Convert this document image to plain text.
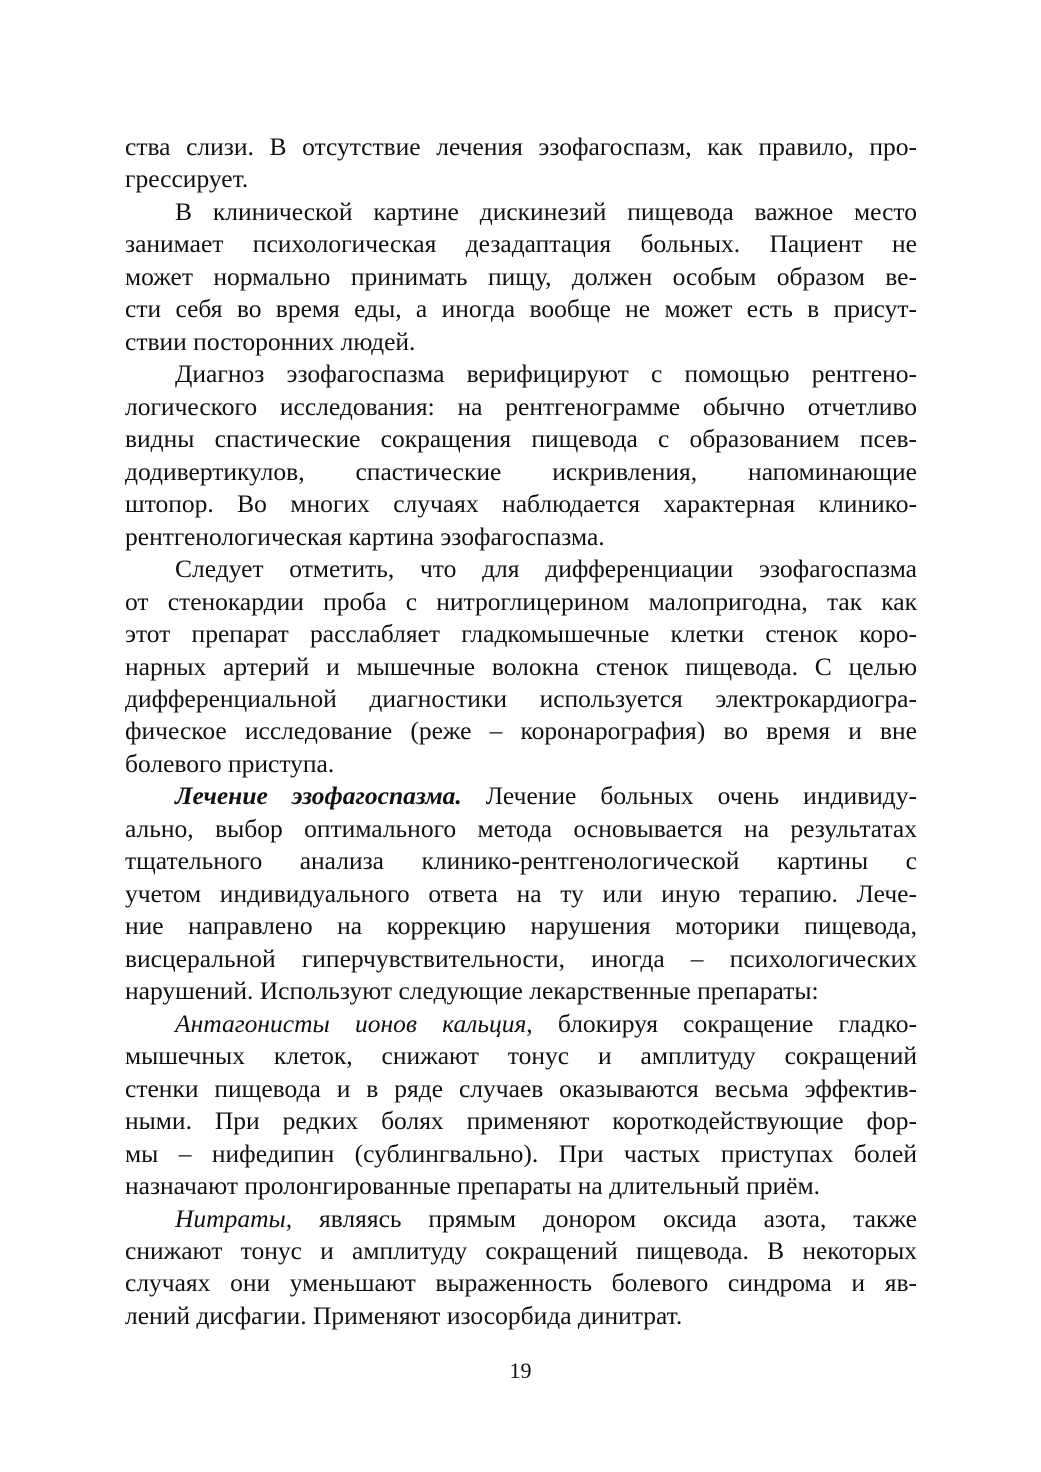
ства слизи. В отсутствие лечения эзофагоспазм, как правило, про-
грессирует.
В клинической картине дискинезий пищевода важное место
занимает психологическая дезадаптация больных. Пациент не
может нормально принимать пищу, должен особым образом ве-
сти себя во время еды, а иногда вообще не может есть в присут-
ствии посторонних людей.
Диагноз эзофагоспазма верифицируют с помощью рентгено-
логического исследования: на рентгенограмме обычно отчетливо
видны спастические сокращения пищевода с образованием псев-
додивертикулов, спастические искривления, напоминающие
штопор. Во многих случаях наблюдается характерная клинико-
рентгенологическая картина эзофагоспазма.
Следует отметить, что для дифференциации эзофагоспазма
от стенокардии проба с нитроглицерином малопригодна, так как
этот препарат расслабляет гладкомышечные клетки стенок коро-
нарных артерий и мышечные волокна стенок пищевода. С целью
дифференциальной диагностики используется электрокардиогра-
фическое исследование (реже – коронарография) во время и вне
болевого приступа.
Лечение эзофагоспазма. Лечение больных очень индивиду-
ально, выбор оптимального метода основывается на результатах
тщательного анализа клинико-рентгенологической картины с
учетом индивидуального ответа на ту или иную терапию. Лече-
ние направлено на коррекцию нарушения моторики пищевода,
висцеральной гиперчувствительности, иногда – психологических
нарушений. Используют следующие лекарственные препараты:
Антагонисты ионов кальция, блокируя сокращение гладко-
мышечных клеток, снижают тонус и амплитуду сокращений
стенки пищевода и в ряде случаев оказываются весьма эффектив-
ными. При редких болях применяют короткодействующие фор-
мы – нифедипин (сублингвально). При частых приступах болей
назначают пролонгированные препараты на длительный приём.
Нитраты, являясь прямым донором оксида азота, также
снижают тонус и амплитуду сокращений пищевода. В некоторых
случаях они уменьшают выраженность болевого синдрома и яв-
лений дисфагии. Применяют изосорбида динитрат.
19
